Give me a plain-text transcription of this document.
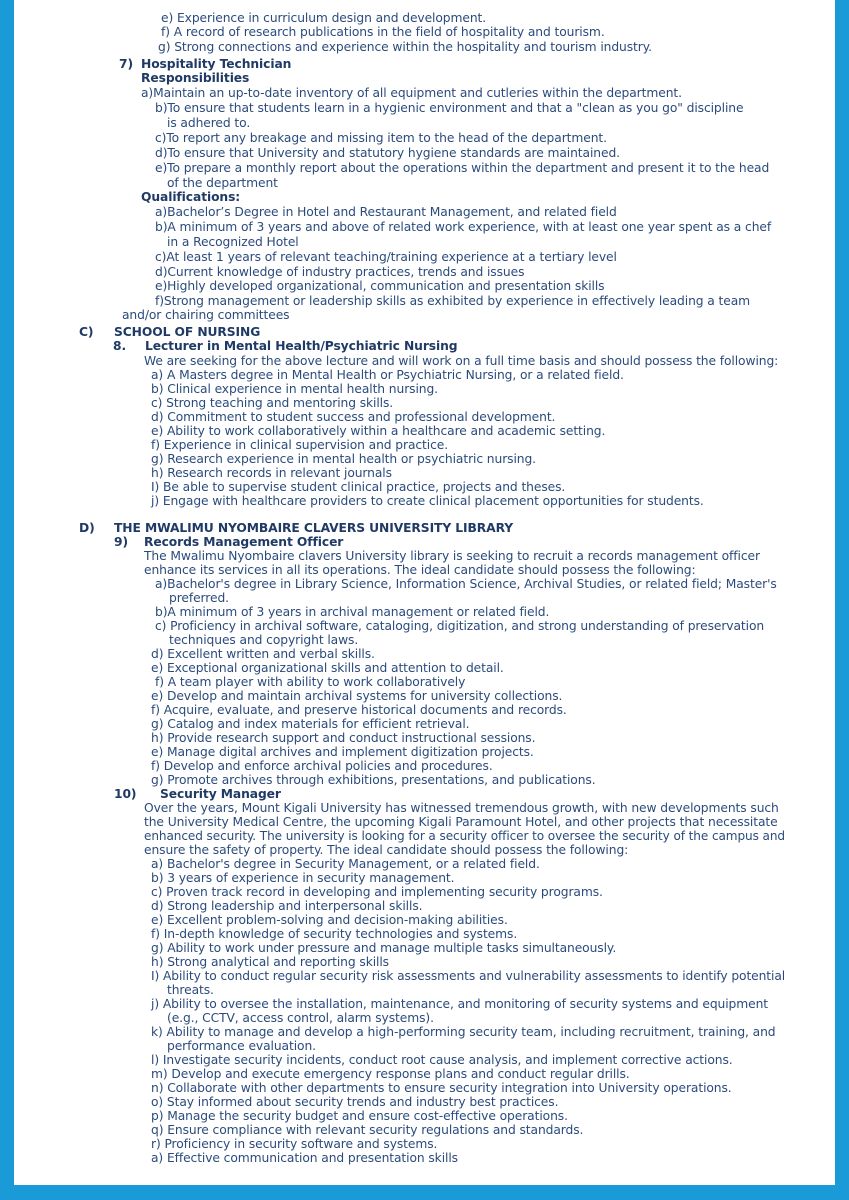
e) Experience in curriculum design and development.
f) A record of research publications in the field of hospitality and tourism.
g) Strong connections and experience within the hospitality and tourism industry.
7) Hospitality Technician
Responsibilities
a)Maintain an up-to-date inventory of all equipment and cutleries within the department.
b)To ensure that students learn in a hygienic environment and that a "clean as you go" discipline
is adhered to.
c)To report any breakage and missing item to the head of the department.
d)To ensure that University and statutory hygiene standards are maintained.
e)To prepare a monthly report about the operations within the department and present it to the head
of the department
Qualifications:
a)Bachelor’s Degree in Hotel and Restaurant Management, and related field
b)A minimum of 3 years and above of related work experience, with at least one year spent as a chef
in a Recognized Hotel
c)At least 1 years of relevant teaching/training experience at a tertiary level
d)Current knowledge of industry practices, trends and issues
e)Highly developed organizational, communication and presentation skills
f)Strong management or leadership skills as exhibited by experience in effectively leading a team
and/or chairing committees
C) SCHOOL OF NURSING
8. Lecturer in Mental Health/Psychiatric Nursing
We are seeking for the above lecture and will work on a full time basis and should possess the following:
a) A Masters degree in Mental Health or Psychiatric Nursing, or a related field.
b) Clinical experience in mental health nursing.
c) Strong teaching and mentoring skills.
d) Commitment to student success and professional development.
e) Ability to work collaboratively within a healthcare and academic setting.
f) Experience in clinical supervision and practice.
g) Research experience in mental health or psychiatric nursing.
h) Research records in relevant journals
I) Be able to supervise student clinical practice, projects and theses.
j) Engage with healthcare providers to create clinical placement opportunities for students.
D) THE MWALIMU NYOMBAIRE CLAVERS UNIVERSITY LIBRARY
9) Records Management Officer
The Mwalimu Nyombaire clavers University library is seeking to recruit a records management officer
enhance its services in all its operations. The ideal candidate should possess the following:
a)Bachelor's degree in Library Science, Information Science, Archival Studies, or related field; Master's
preferred.
b)A minimum of 3 years in archival management or related field.
c) Proficiency in archival software, cataloging, digitization, and strong understanding of preservation
techniques and copyright laws.
d) Excellent written and verbal skills.
e) Exceptional organizational skills and attention to detail.
f) A team player with ability to work collaboratively
e) Develop and maintain archival systems for university collections.
f) Acquire, evaluate, and preserve historical documents and records.
g) Catalog and index materials for efficient retrieval.
h) Provide research support and conduct instructional sessions.
e) Manage digital archives and implement digitization projects.
f) Develop and enforce archival policies and procedures.
g) Promote archives through exhibitions, presentations, and publications.
10) Security Manager
Over the years, Mount Kigali University has witnessed tremendous growth, with new developments such
the University Medical Centre, the upcoming Kigali Paramount Hotel, and other projects that necessitate
enhanced security. The university is looking for a security officer to oversee the security of the campus and
ensure the safety of property. The ideal candidate should possess the following:
a) Bachelor's degree in Security Management, or a related field.
b) 3 years of experience in security management.
c) Proven track record in developing and implementing security programs.
d) Strong leadership and interpersonal skills.
e) Excellent problem-solving and decision-making abilities.
f) In-depth knowledge of security technologies and systems.
g) Ability to work under pressure and manage multiple tasks simultaneously.
h) Strong analytical and reporting skills
I) Ability to conduct regular security risk assessments and vulnerability assessments to identify potential
threats.
j) Ability to oversee the installation, maintenance, and monitoring of security systems and equipment
(e.g., CCTV, access control, alarm systems).
k) Ability to manage and develop a high-performing security team, including recruitment, training, and
performance evaluation.
l) Investigate security incidents, conduct root cause analysis, and implement corrective actions.
m) Develop and execute emergency response plans and conduct regular drills.
n) Collaborate with other departments to ensure security integration into University operations.
o) Stay informed about security trends and industry best practices.
p) Manage the security budget and ensure cost-effective operations.
q) Ensure compliance with relevant security regulations and standards.
r) Proficiency in security software and systems.
a) Effective communication and presentation skills
